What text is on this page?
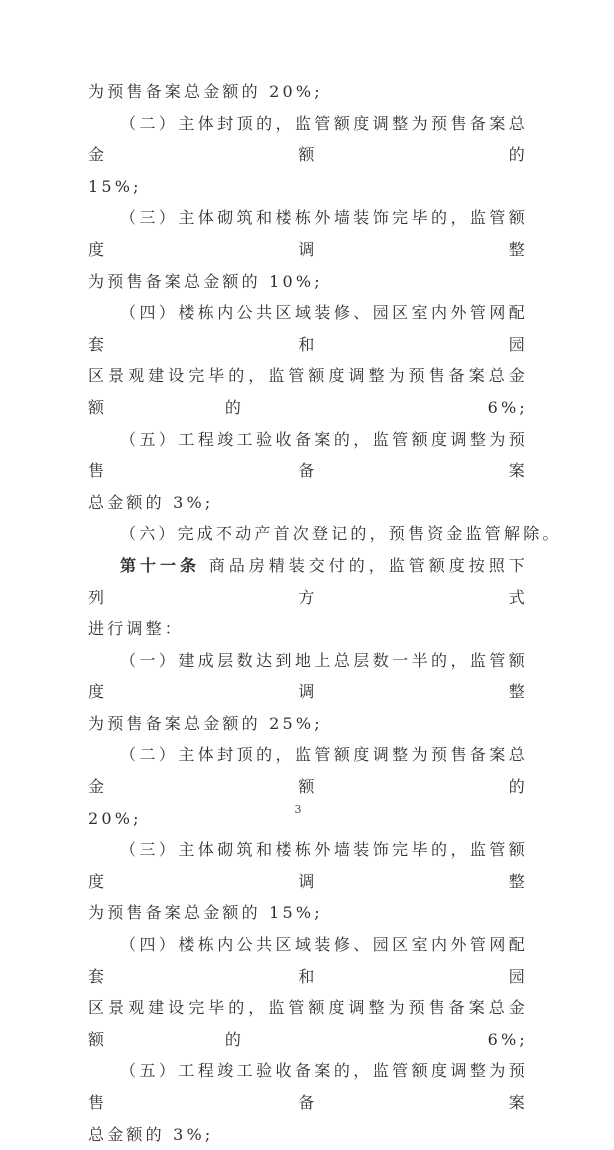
为预售备案总金额的 20%;
（二）主体封顶的，监管额度调整为预售备案总金额的
15%;
（三）主体砌筑和楼栋外墙装饰完毕的，监管额度调整
为预售备案总金额的 10%;
（四）楼栋内公共区域装修、园区室内外管网配套和园
区景观建设完毕的，监管额度调整为预售备案总金额的 6%;
（五）工程竣工验收备案的，监管额度调整为预售备案
总金额的 3%;
（六）完成不动产首次登记的，预售资金监管解除。
第十一条 商品房精装交付的，监管额度按照下列方式
进行调整：
（一）建成层数达到地上总层数一半的，监管额度调整
为预售备案总金额的 25%;
（二）主体封顶的，监管额度调整为预售备案总金额的
20%;
（三）主体砌筑和楼栋外墙装饰完毕的，监管额度调整
为预售备案总金额的 15%;
（四）楼栋内公共区域装修、园区室内外管网配套和园
区景观建设完毕的，监管额度调整为预售备案总金额的 6%;
（五）工程竣工验收备案的，监管额度调整为预售备案
总金额的 3%;
3
